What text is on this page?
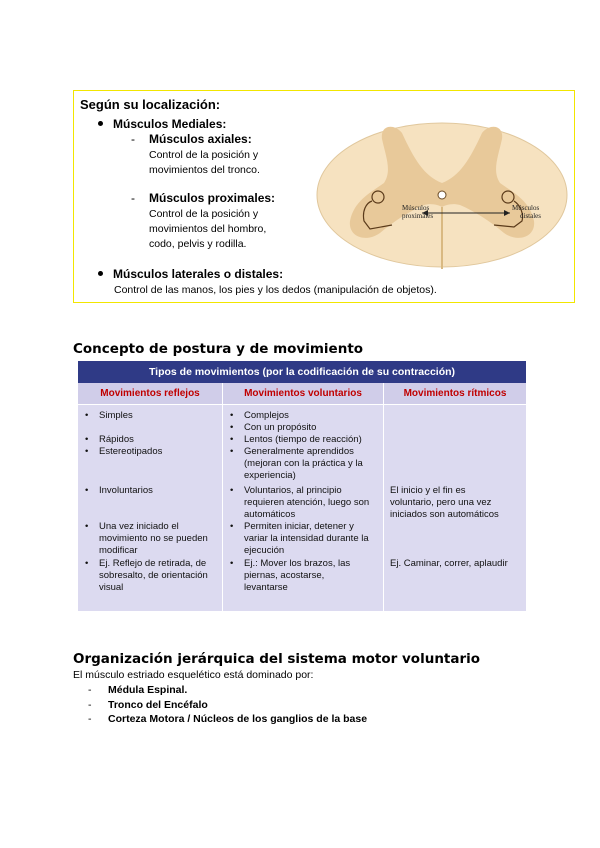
Según su localización:
Músculos Mediales:
- Músculos axiales:
Control de la posición y
movimientos del tronco.
- Músculos proximales:
Control de la posición y
movimientos del hombro,
codo, pelvis y rodilla.
Músculos laterales o distales:
Control de las manos, los pies y los dedos (manipulación de objetos).
Músculos
proximales
Músculos
distales
Concepto de postura y de movimiento
Tipos de movimientos (por la codificación de su contracción)
Movimientos reflejos	Movimientos voluntarios	Movimientos rítmicos
• Simples
• Rápidos
• Estereotipados
• Involuntarios
• Una vez iniciado el
movimiento no se pueden
modificar
• Ej. Reflejo de retirada, de
sobresalto, de orientación
visual
• Complejos
• Con un propósito
• Lentos (tiempo de reacción)
• Generalmente aprendidos
(mejoran con la práctica y la
experiencia)
• Voluntarios, al principio
requieren atención, luego son
automáticos
• Permiten iniciar, detener y
variar la intensidad durante la
ejecución
• Ej.: Mover los brazos, las
piernas, acostarse,
levantarse
El inicio y el fin es
voluntario, pero una vez
iniciados son automáticos
Ej. Caminar, correr, aplaudir
Organización jerárquica del sistema motor voluntario
El músculo estriado esquelético está dominado por:
- Médula Espinal.
- Tronco del Encéfalo
- Corteza Motora / Núcleos de los ganglios de la base
